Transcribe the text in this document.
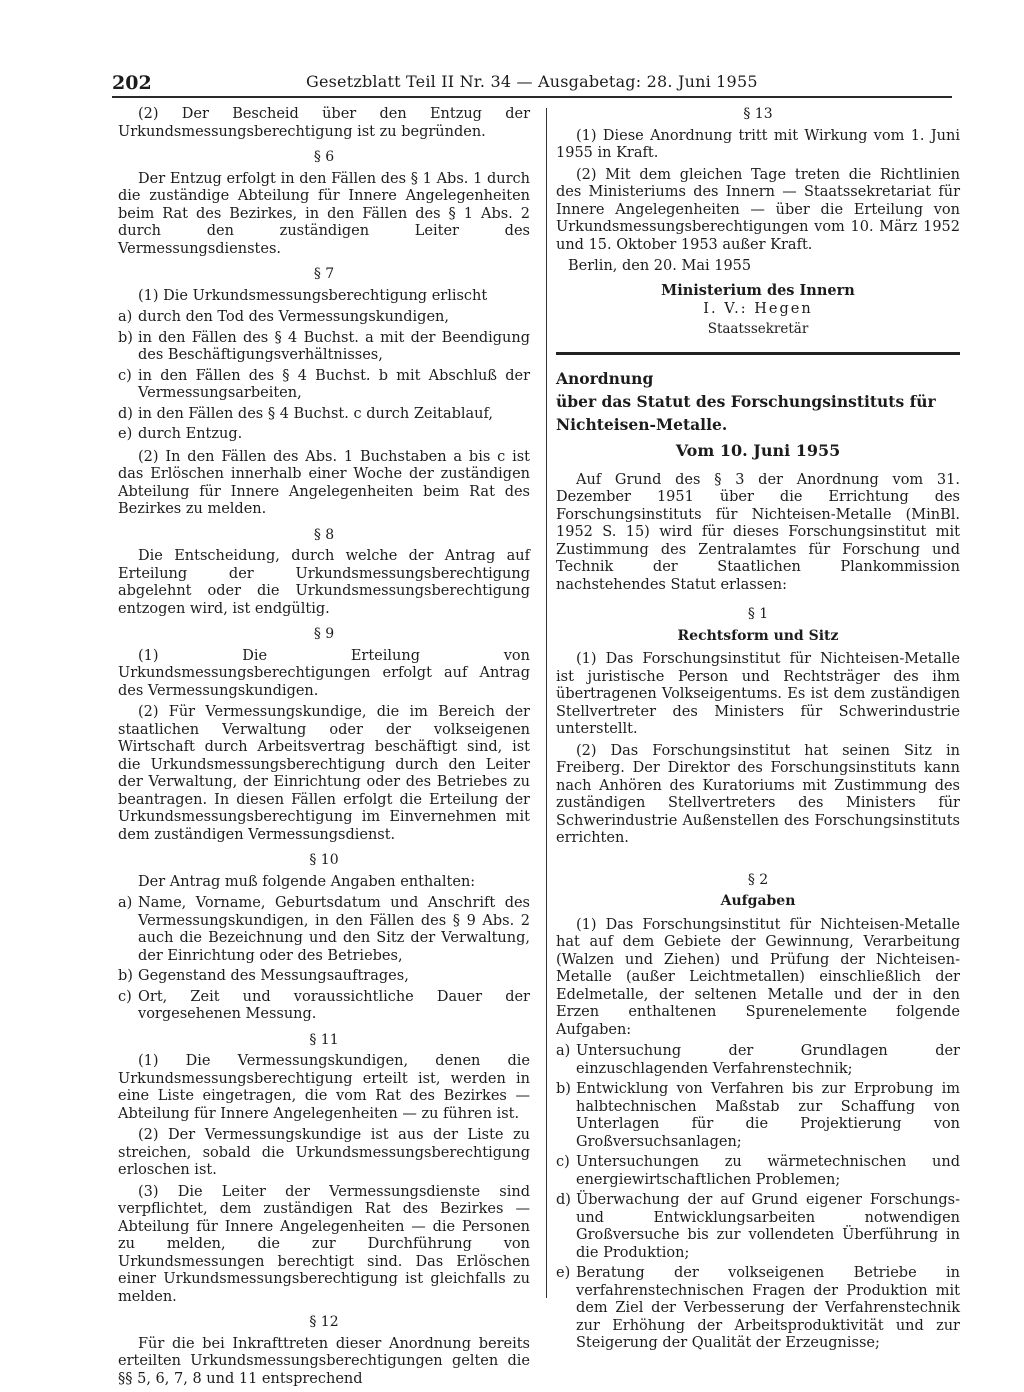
202	Gesetzblatt Teil II Nr. 34 — Ausgabetag: 28. Juni 1955

(2) Der Bescheid über den Entzug der Urkundsmessungsberechtigung ist zu begründen.

§ 6

Der Entzug erfolgt in den Fällen des § 1 Abs. 1 durch die zuständige Abteilung für Innere Angelegenheiten beim Rat des Bezirkes, in den Fällen des § 1 Abs. 2 durch den zuständigen Leiter des Vermessungsdienstes.

§ 7

(1) Die Urkundsmessungsberechtigung erlischt

a) durch den Tod des Vermessungskundigen,
b) in den Fällen des § 4 Buchst. a mit der Beendigung des Beschäftigungsverhältnisses,
c) in den Fällen des § 4 Buchst. b mit Abschluß der Vermessungsarbeiten,
d) in den Fällen des § 4 Buchst. c durch Zeitablauf,
e) durch Entzug.

(2) In den Fällen des Abs. 1 Buchstaben a bis c ist das Erlöschen innerhalb einer Woche der zuständigen Abteilung für Innere Angelegenheiten beim Rat des Bezirkes zu melden.

§ 8

Die Entscheidung, durch welche der Antrag auf Erteilung der Urkundsmessungsberechtigung abgelehnt oder die Urkundsmessungsberechtigung entzogen wird, ist endgültig.

§ 9

(1) Die Erteilung von Urkundsmessungsberechtigungen erfolgt auf Antrag des Vermessungskundigen.

(2) Für Vermessungskundige, die im Bereich der staatlichen Verwaltung oder der volkseigenen Wirtschaft durch Arbeitsvertrag beschäftigt sind, ist die Urkundsmessungsberechtigung durch den Leiter der Verwaltung, der Einrichtung oder des Betriebes zu beantragen. In diesen Fällen erfolgt die Erteilung der Urkundsmessungsberechtigung im Einvernehmen mit dem zuständigen Vermessungsdienst.

§ 10

Der Antrag muß folgende Angaben enthalten:

a) Name, Vorname, Geburtsdatum und Anschrift des Vermessungskundigen, in den Fällen des § 9 Abs. 2 auch die Bezeichnung und den Sitz der Verwaltung, der Einrichtung oder des Betriebes,
b) Gegenstand des Messungsauftrages,
c) Ort, Zeit und voraussichtliche Dauer der vorgesehenen Messung.
§ 11

(1) Die Vermessungskundigen, denen die Urkundsmessungsberechtigung erteilt ist, werden in eine Liste eingetragen, die vom Rat des Bezirkes — Abteilung für Innere Angelegenheiten — zu führen ist.

(2) Der Vermessungskundige ist aus der Liste zu streichen, sobald die Urkundsmessungsberechtigung erloschen ist.

(3) Die Leiter der Vermessungsdienste sind verpflichtet, dem zuständigen Rat des Bezirkes — Abteilung für Innere Angelegenheiten — die Personen zu melden, die zur Durchführung von Urkundsmessungen berechtigt sind. Das Erlöschen einer Urkundsmessungsberechtigung ist gleichfalls zu melden.

§ 12

Für die bei Inkrafttreten dieser Anordnung bereits erteilten Urkundsmessungsberechtigungen gelten die §§ 5, 6, 7, 8 und 11 entsprechend

§ 13

(1) Diese Anordnung tritt mit Wirkung vom 1. Juni 1955 in Kraft.

(2) Mit dem gleichen Tage treten die Richtlinien des Ministeriums des Innern — Staatssekretariat für Innere Angelegenheiten — über die Erteilung von Urkundsmessungsberechtigungen vom 10. März 1952 und 15. Oktober 1953 außer Kraft.

Berlin, den 20. Mai 1955

Ministerium des Innern
I. V.: Hegen
Staatssekretär

Anordnung

über das Statut des Forschungsinstituts für

Nichteisen-Metalle.

Vom 10. Juni 1955

Auf Grund des § 3 der Anordnung vom 31. Dezember 1951 über die Errichtung des Forschungsinstituts für Nichteisen-Metalle (MinBl. 1952 S. 15) wird für dieses Forschungsinstitut mit Zustimmung des Zentralamtes für Forschung und Technik der Staatlichen Plankommission nachstehendes Statut erlassen:

§ 1
Rechtsform und Sitz

(1) Das Forschungsinstitut für Nichteisen-Metalle ist juristische Person und Rechtsträger des ihm übertragenen Volkseigentums. Es ist dem zuständigen Stellvertreter des Ministers für Schwerindustrie unterstellt.

(2) Das Forschungsinstitut hat seinen Sitz in Freiberg. Der Direktor des Forschungsinstituts kann nach Anhören des Kuratoriums mit Zustimmung des zuständigen Stellvertreters des Ministers für Schwerindustrie Außenstellen des Forschungsinstituts errichten.

§ 2
Aufgaben

(1) Das Forschungsinstitut für Nichteisen-Metalle hat auf dem Gebiete der Gewinnung, Verarbeitung (Walzen und Ziehen) und Prüfung der Nichteisen-Metalle (außer Leichtmetallen) einschließlich der Edelmetalle, der seltenen Metalle und der in den Erzen enthaltenen Spurenelemente folgende Aufgaben:

a) Untersuchung der Grundlagen der einzuschlagenden Verfahrenstechnik;
b) Entwicklung von Verfahren bis zur Erprobung im halbtechnischen Maßstab zur Schaffung von Unterlagen für die Projektierung von Großversuchsanlagen;
c) Untersuchungen zu wärmetechnischen und energiewirtschaftlichen Problemen;
d) Überwachung der auf Grund eigener Forschungs- und Entwicklungsarbeiten notwendigen Großversuche bis zur vollendeten Überführung in die Produktion;
e) Beratung der volkseigenen Betriebe in verfahrenstechnischen Fragen der Produktion mit dem Ziel der Verbesserung der Verfahrenstechnik zur Erhöhung der Arbeitsproduktivität und zur Steigerung der Qualität der Erzeugnisse;
